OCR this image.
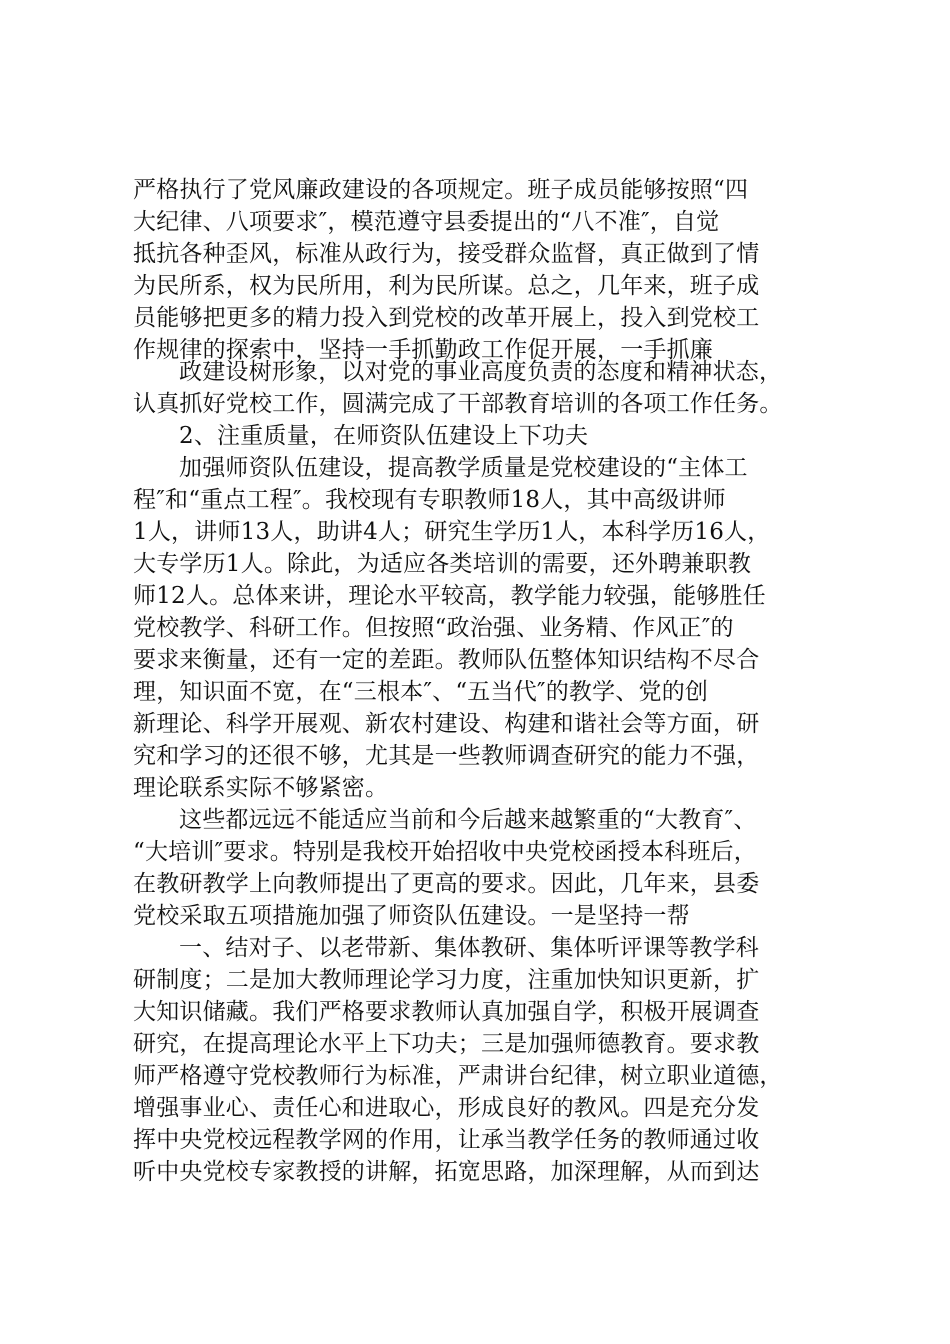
严格执行了党风廉政建设的各项规定。班子成员能够按照“四
大纪律、八项要求″，模范遵守县委提出的“八不准″，自觉
抵抗各种歪风，标准从政行为，接受群众监督，真正做到了情
为民所系，权为民所用，利为民所谋。总之，几年来，班子成
员能够把更多的精力投入到党校的改革开展上，投入到党校工
作规律的探索中，坚持一手抓勤政工作促开展，一手抓廉
政建设树形象，以对党的事业高度负责的态度和精神状态，
认真抓好党校工作，圆满完成了干部教育培训的各项工作任务。
2、注重质量，在师资队伍建设上下功夫
加强师资队伍建设，提高教学质量是党校建设的“主体工
程″和“重点工程″。我校现有专职教师18人，其中高级讲师
1人，讲师13人，助讲4人；研究生学历1人，本科学历16人，
大专学历1人。除此，为适应各类培训的需要，还外聘兼职教
师12人。总体来讲，理论水平较高，教学能力较强，能够胜任
党校教学、科研工作。但按照“政治强、业务精、作风正″的
要求来衡量，还有一定的差距。教师队伍整体知识结构不尽合
理，知识面不宽，在“三根本″、“五当代″的教学、党的创
新理论、科学开展观、新农村建设、构建和谐社会等方面，研
究和学习的还很不够，尤其是一些教师调查研究的能力不强，
理论联系实际不够紧密。
这些都远远不能适应当前和今后越来越繁重的“大教育″、
“大培训″要求。特别是我校开始招收中央党校函授本科班后，
在教研教学上向教师提出了更高的要求。因此，几年来，县委
党校采取五项措施加强了师资队伍建设。一是坚持一帮
一、结对子、以老带新、集体教研、集体听评课等教学科
研制度；二是加大教师理论学习力度，注重加快知识更新，扩
大知识储藏。我们严格要求教师认真加强自学，积极开展调查
研究，在提高理论水平上下功夫；三是加强师德教育。要求教
师严格遵守党校教师行为标准，严肃讲台纪律，树立职业道德，
增强事业心、责任心和进取心，形成良好的教风。四是充分发
挥中央党校远程教学网的作用，让承当教学任务的教师通过收
听中央党校专家教授的讲解，拓宽思路，加深理解，从而到达
